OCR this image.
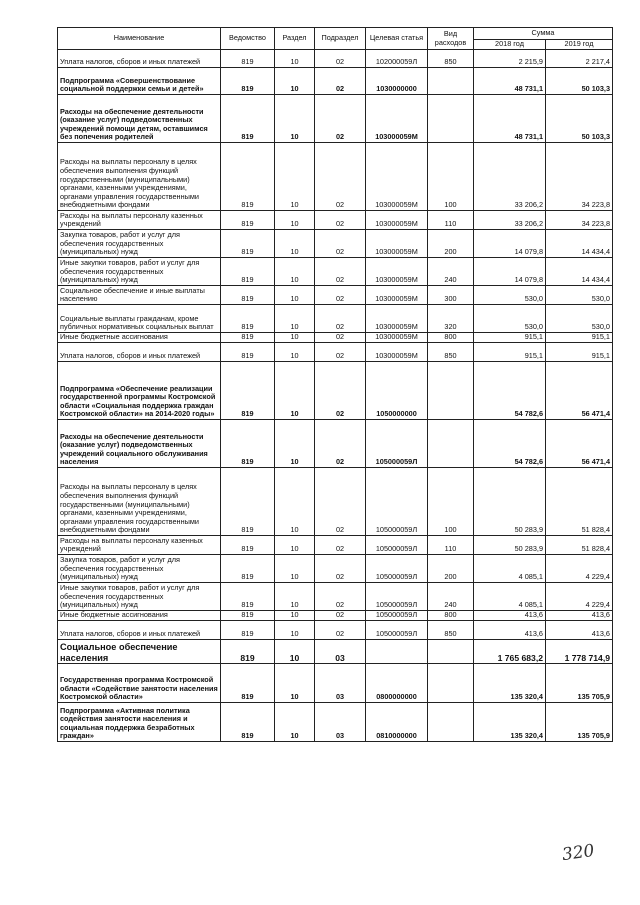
Наименование	Ведомство	Раздел	Подраздел	Целевая статья	Вид расходов	Сумма	
						2018 год	2019 год
Уплата налогов, сборов и иных платежей	819	10	02	102000059Л	850	2 215,9	2 217,4
Подпрограмма «Совершенствование социальной поддержки семьи и детей»	819	10	02	1030000000		48 731,1	50 103,3
Расходы на обеспечение деятельности (оказание услуг) подведомственных учреждений помощи детям, оставшимся без попечения родителей	819	10	02	103000059М		48 731,1	50 103,3
Расходы на выплаты персоналу в целях обеспечения выполнения функций государственными (муниципальными) органами, казенными учреждениями, органами управления государственными внебюджетными фондами	819	10	02	103000059М	100	33 206,2	34 223,8
Расходы на выплаты персоналу казенных учреждений	819	10	02	103000059М	110	33 206,2	34 223,8
Закупка товаров, работ и услуг для обеспечения государственных (муниципальных) нужд	819	10	02	103000059М	200	14 079,8	14 434,4
Иные закупки товаров, работ и услуг для обеспечения государственных (муниципальных) нужд	819	10	02	103000059М	240	14 079,8	14 434,4
Социальное обеспечение и иные выплаты населению	819	10	02	103000059М	300	530,0	530,0
Социальные выплаты гражданам, кроме публичных нормативных социальных выплат	819	10	02	103000059М	320	530,0	530,0
Иные бюджетные ассигнования	819	10	02	103000059М	800	915,1	915,1
Уплата налогов, сборов и иных платежей	819	10	02	103000059М	850	915,1	915,1
Подпрограмма «Обеспечение реализации государственной программы Костромской области «Социальная поддержка граждан Костромской области» на 2014-2020 годы»	819	10	02	1050000000		54 782,6	56 471,4
Расходы на обеспечение деятельности (оказание услуг) подведомственных учреждений социального обслуживания населения	819	10	02	105000059Л		54 782,6	56 471,4
Расходы на выплаты персоналу в целях обеспечения выполнения функций государственными (муниципальными) органами, казенными учреждениями, органами управления государственными внебюджетными фондами	819	10	02	105000059Л	100	50 283,9	51 828,4
Расходы на выплаты персоналу казенных учреждений	819	10	02	105000059Л	110	50 283,9	51 828,4
Закупка товаров, работ и услуг для обеспечения государственных (муниципальных) нужд	819	10	02	105000059Л	200	4 085,1	4 229,4
Иные закупки товаров, работ и услуг для обеспечения государственных (муниципальных) нужд	819	10	02	105000059Л	240	4 085,1	4 229,4
Иные бюджетные ассигнования	819	10	02	105000059Л	800	413,6	413,6
Уплата налогов, сборов и иных платежей	819	10	02	105000059Л	850	413,6	413,6
Социальное обеспечение населения	819	10	03			1 765 683,2	1 778 714,9
Государственная программа Костромской области «Содействие занятости населения Костромской области»	819	10	03	0800000000		135 320,4	135 705,9
Подпрограмма «Активная политика содействия занятости населения и социальная поддержка безработных граждан»	819	10	03	0810000000		135 320,4	135 705,9
320
